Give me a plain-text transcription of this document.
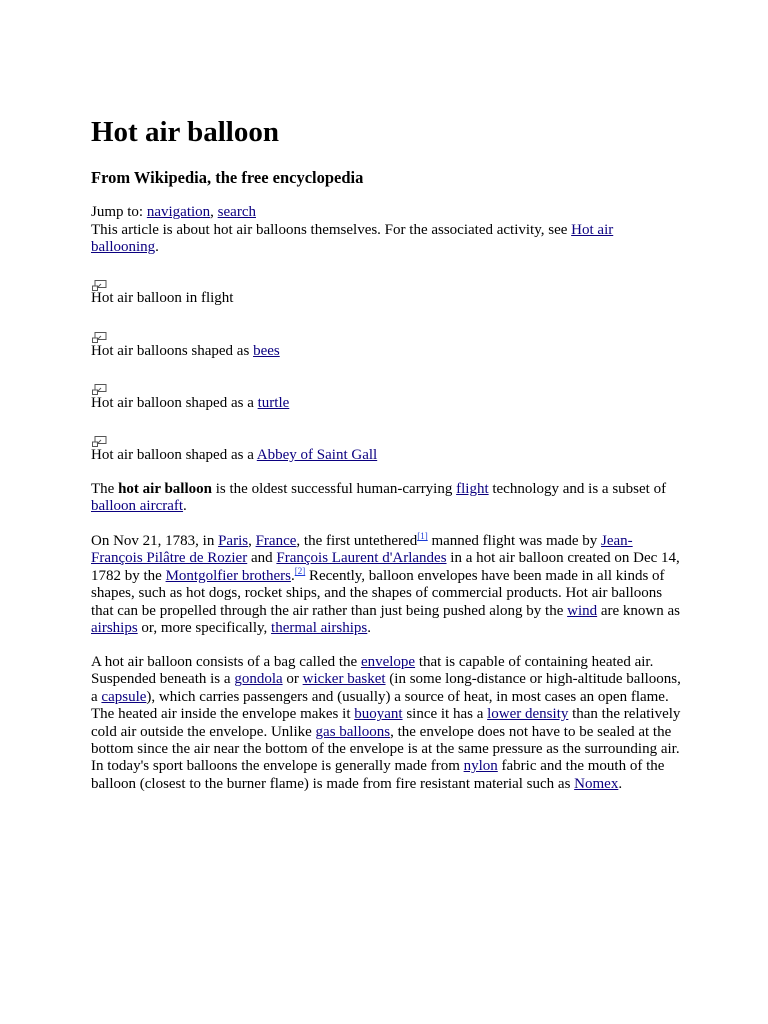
Hot air balloon

From Wikipedia, the free encyclopedia

Jump to: navigation, search
This article is about hot air balloons themselves. For the associated activity, see Hot air ballooning.
Hot air balloon in flight
Hot air balloons shaped as bees
Hot air balloon shaped as a turtle
Hot air balloon shaped as a Abbey of Saint Gall

The hot air balloon is the oldest successful human-carrying flight technology and is a subset of balloon aircraft.

On Nov 21, 1783, in Paris, France, the first untethered[1] manned flight was made by Jean-François Pilâtre de Rozier and François Laurent d'Arlandes in a hot air balloon created on Dec 14, 1782 by the Montgolfier brothers.[2] Recently, balloon envelopes have been made in all kinds of shapes, such as hot dogs, rocket ships, and the shapes of commercial products. Hot air balloons that can be propelled through the air rather than just being pushed along by the wind are known as airships or, more specifically, thermal airships.

A hot air balloon consists of a bag called the envelope that is capable of containing heated air. Suspended beneath is a gondola or wicker basket (in some long-distance or high-altitude balloons, a capsule), which carries passengers and (usually) a source of heat, in most cases an open flame. The heated air inside the envelope makes it buoyant since it has a lower density than the relatively cold air outside the envelope. Unlike gas balloons, the envelope does not have to be sealed at the bottom since the air near the bottom of the envelope is at the same pressure as the surrounding air. In today's sport balloons the envelope is generally made from nylon fabric and the mouth of the balloon (closest to the burner flame) is made from fire resistant material such as Nomex.
